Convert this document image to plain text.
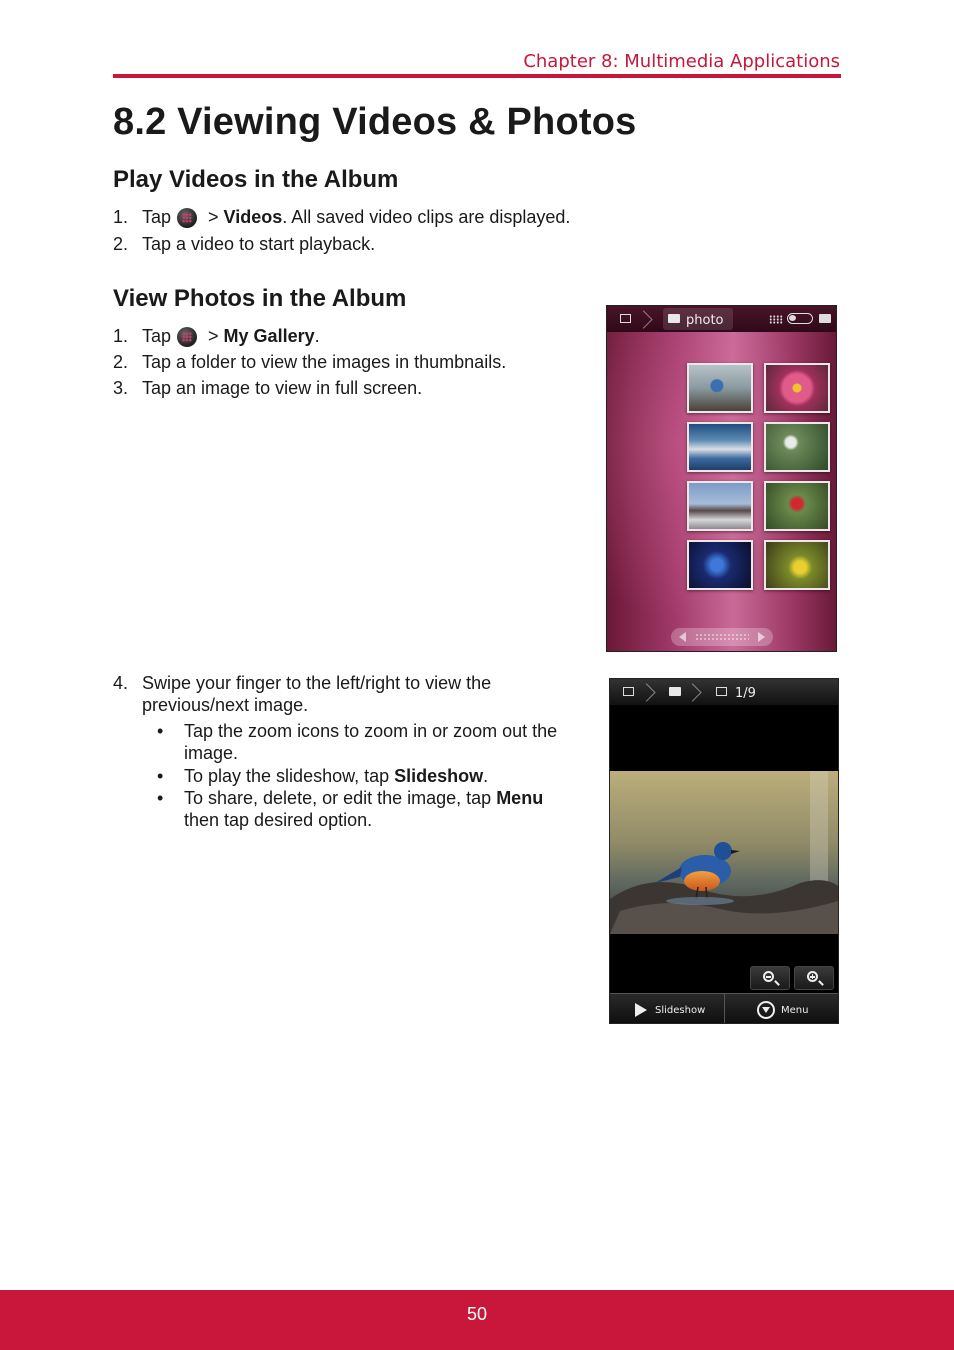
Chapter 8: Multimedia Applications
8.2 Viewing Videos & Photos
Play Videos in the Album
1. Tap > Videos. All saved video clips are displayed.
2. Tap a video to start playback.
View Photos in the Album
1. Tap > My Gallery.
2. Tap a folder to view the images in thumbnails.
3. Tap an image to view in full screen.
4. Swipe your finger to the left/right to view the
previous/next image.
• Tap the zoom icons to zoom in or zoom out the
image.
• To play the slideshow, tap Slideshow.
• To share, delete, or edit the image, tap Menu
then tap desired option.
photo
1/9
Slideshow	Menu
50
